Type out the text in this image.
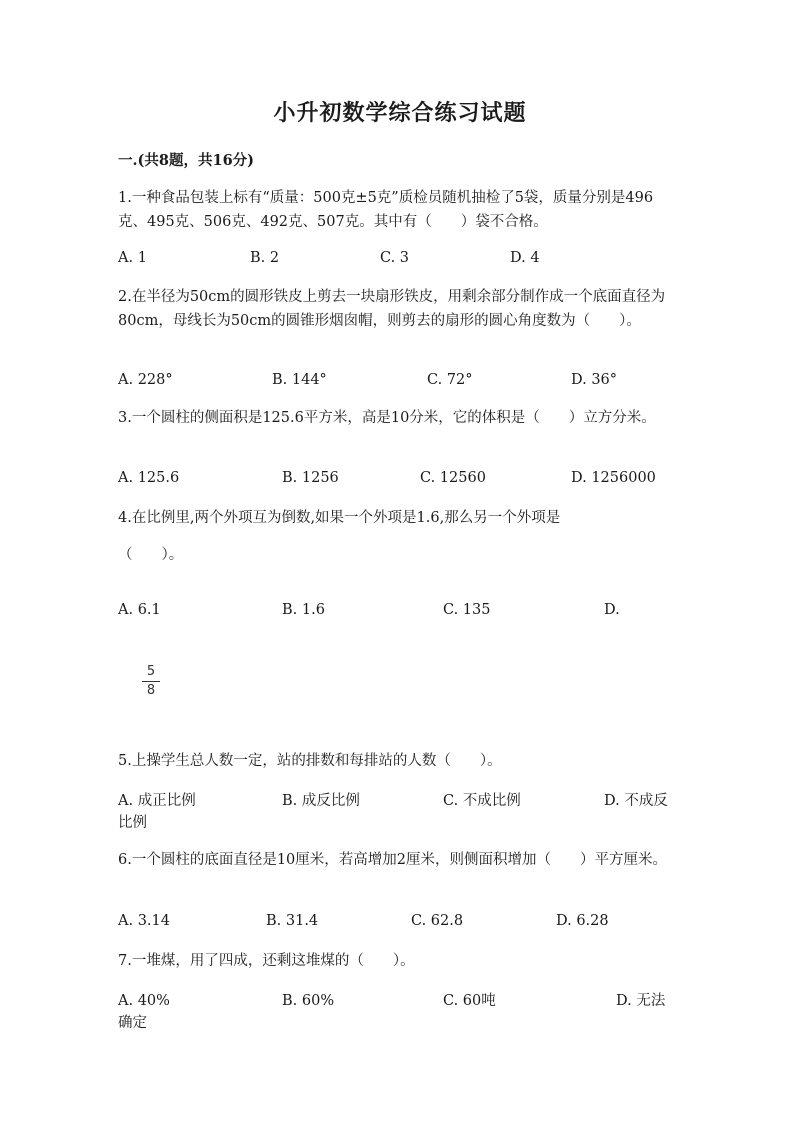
小升初数学综合练习试题
一.(共8题，共16分)
1.一种食品包装上标有“质量：500克±5克”质检员随机抽检了5袋，质量分别是496克、495克、506克、492克、507克。其中有（　　）袋不合格。
A. 1	B. 2	C. 3	D. 4
2.在半径为50cm的圆形铁皮上剪去一块扇形铁皮，用剩余部分制作成一个底面直径为80cm，母线长为50cm的圆锥形烟囱帽，则剪去的扇形的圆心角度数为（　　）。
A. 228°	B. 144°	C. 72°	D. 36°
3.一个圆柱的侧面积是125.6平方米，高是10分米，它的体积是（　　）立方分米。
A. 125.6	B. 1256	C. 12560	D. 1256000
4.在比例里,两个外项互为倒数,如果一个外项是1.6,那么另一个外项是
（　　）。
A. 6.1	B. 1.6	C. 135	D.
5
8
5.上操学生总人数一定，站的排数和每排站的人数（　　）。
A. 成正比例	B. 成反比例	C. 不成比例	D. 不成反
比例
6.一个圆柱的底面直径是10厘米，若高增加2厘米，则侧面积增加（　　）平方厘米。
A. 3.14	B. 31.4	C. 62.8	D. 6.28
7.一堆煤，用了四成，还剩这堆煤的（　　）。
A. 40%	B. 60%	C. 60吨	D. 无法
确定
